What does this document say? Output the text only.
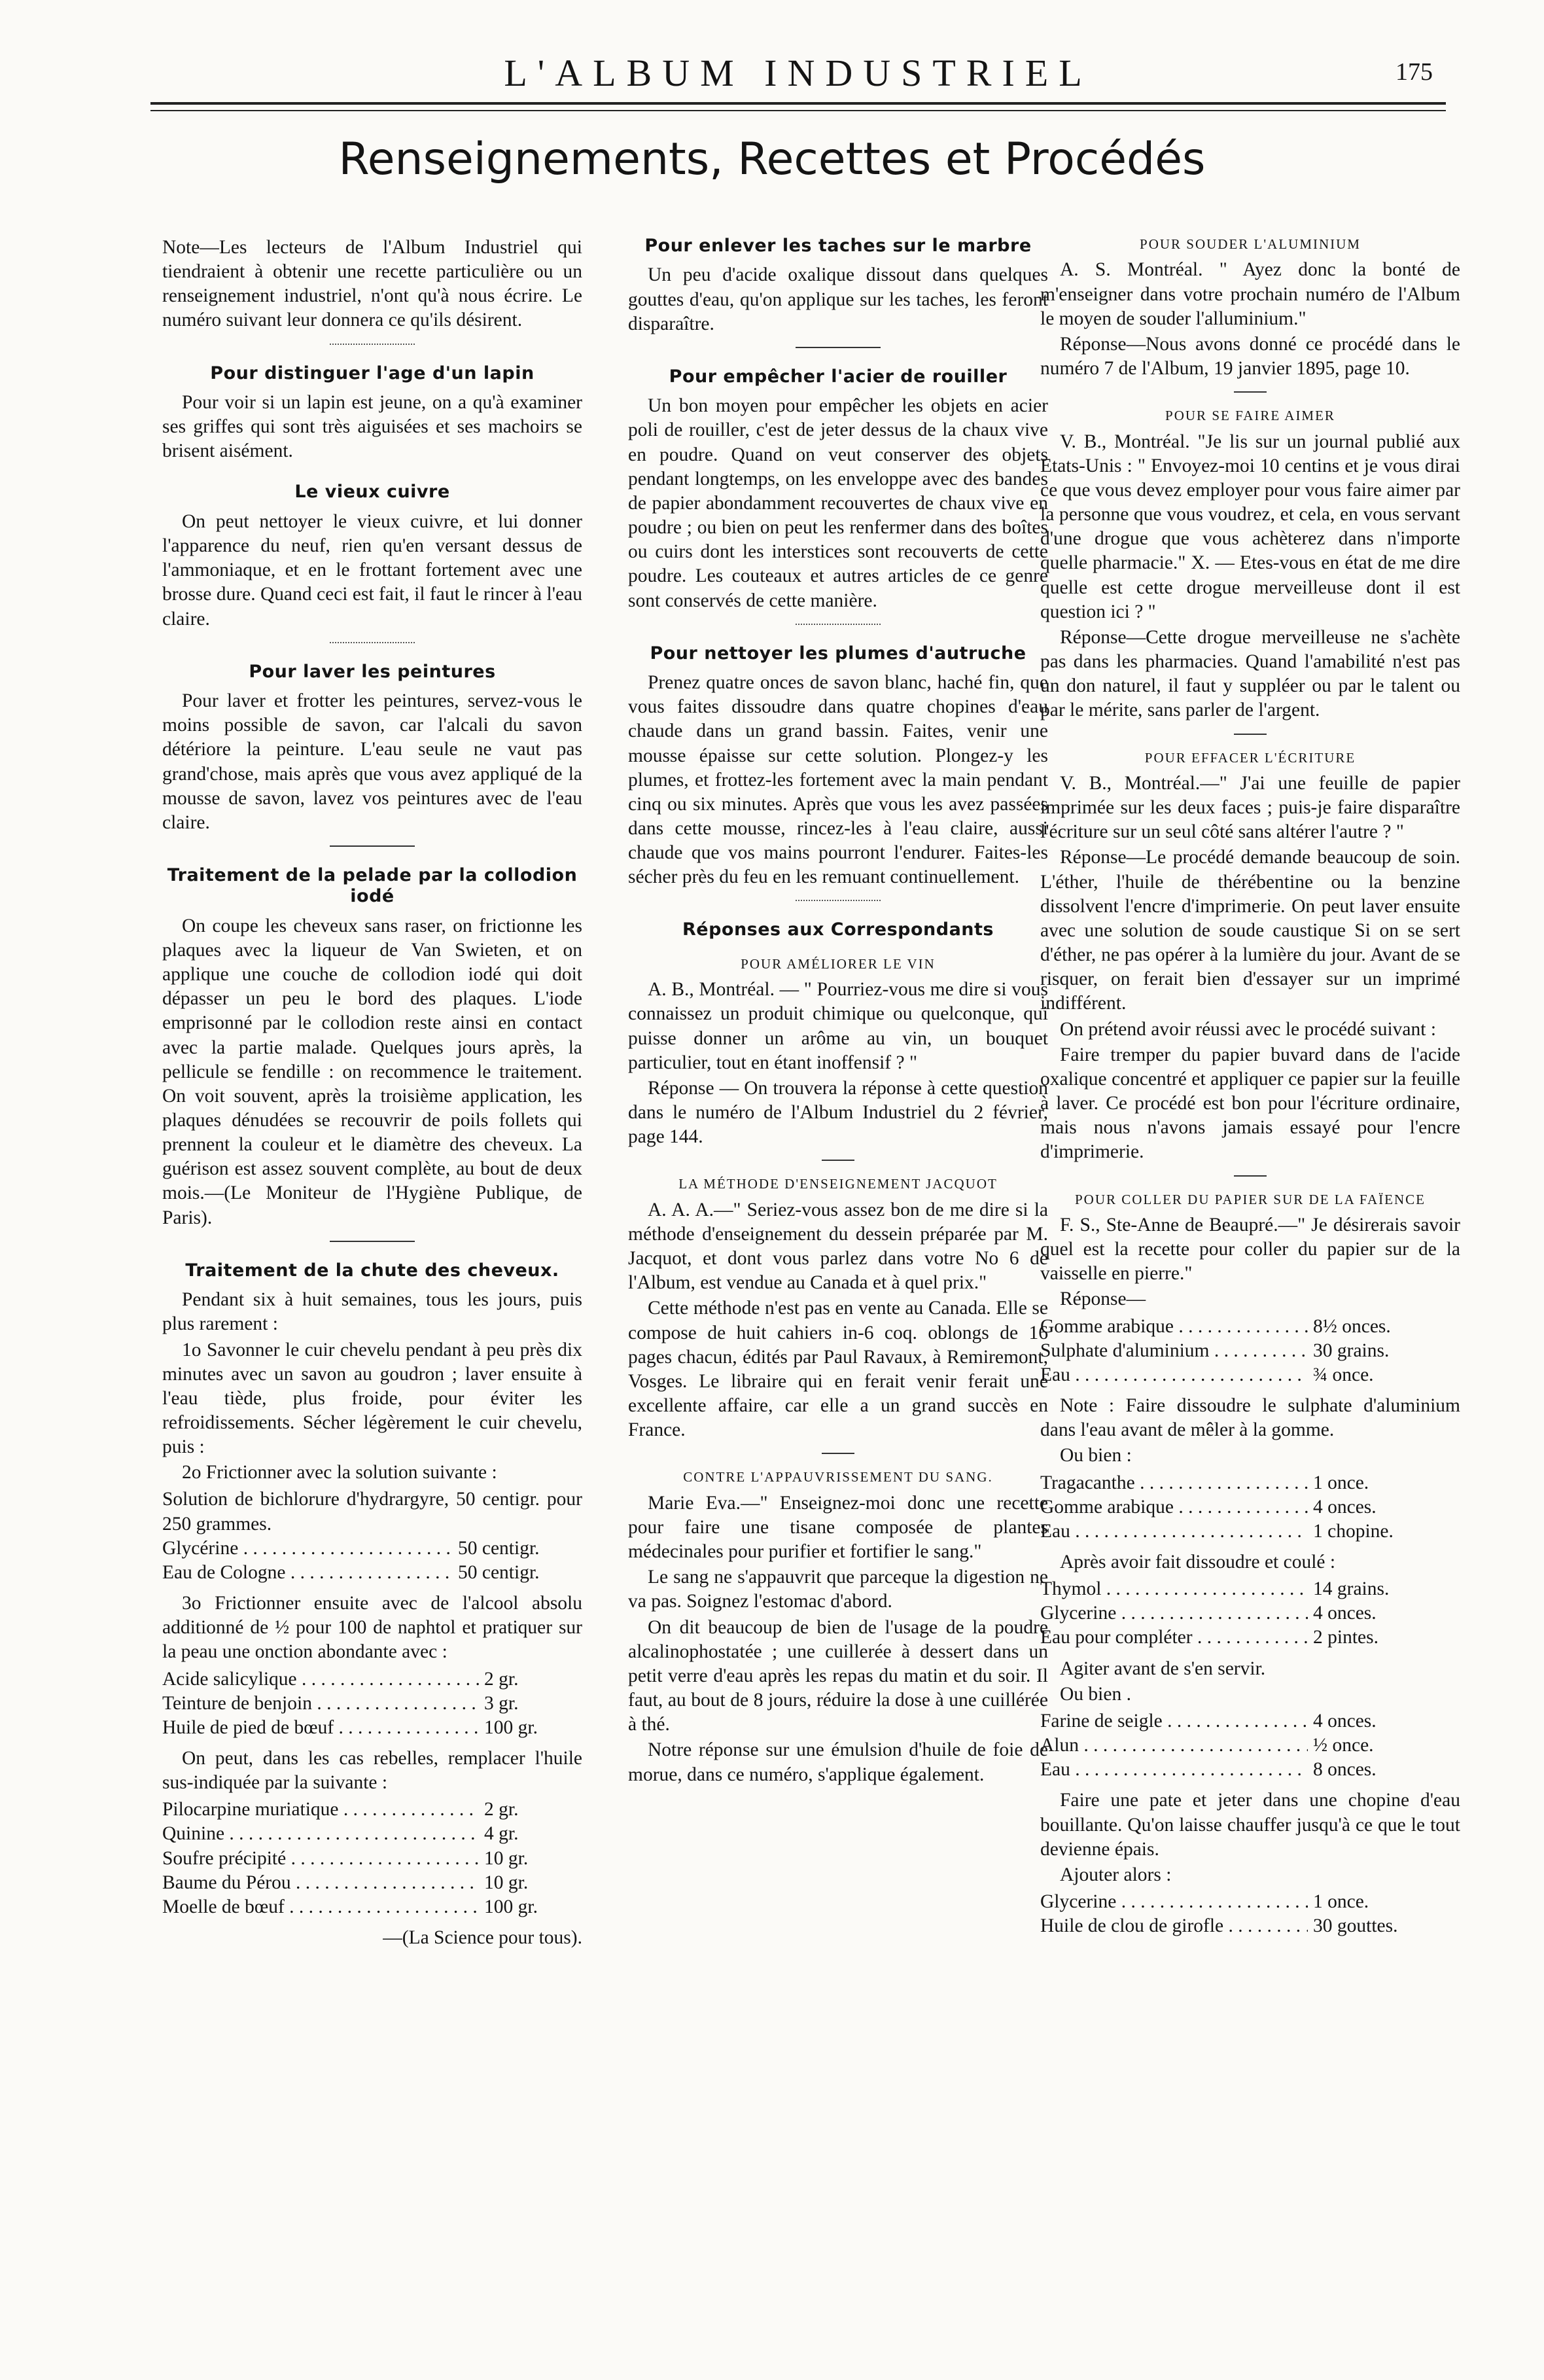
L'ALBUM INDUSTRIEL	175
Renseignements, Recettes et Procédés

Note—Les lecteurs de l'Album Industriel qui tiendraient à obtenir une recette particulière ou un renseignement industriel, n'ont qu'à nous écrire. Le numéro suivant leur donnera ce qu'ils désirent.

Pour distinguer l'age d'un lapin

Pour voir si un lapin est jeune, on a qu'à examiner ses griffes qui sont très aiguisées et ses machoirs se brisent aisément.

Le vieux cuivre

On peut nettoyer le vieux cuivre, et lui donner l'apparence du neuf, rien qu'en versant dessus de l'ammoniaque, et en le frottant fortement avec une brosse dure. Quand ceci est fait, il faut le rincer à l'eau claire.

Pour laver les peintures

Pour laver et frotter les peintures, servez-vous le moins possible de savon, car l'alcali du savon détériore la peinture. L'eau seule ne vaut pas grand'chose, mais après que vous avez appliqué de la mousse de savon, lavez vos peintures avec de l'eau claire.

Traitement de la pelade par la collodion iodé

On coupe les cheveux sans raser, on frictionne les plaques avec la liqueur de Van Swieten, et on applique une couche de collodion iodé qui doit dépasser un peu le bord des plaques. L'iode emprisonné par le collodion reste ainsi en contact avec la partie malade. Quelques jours après, la pellicule se fendille : on recommence le traitement. On voit souvent, après la troisième application, les plaques dénudées se recouvrir de poils follets qui prennent la couleur et le diamètre des cheveux. La guérison est assez souvent complète, au bout de deux mois.—(Le Moniteur de l'Hygiène Publique, de Paris).

Traitement de la chute des cheveux.

Pendant six à huit semaines, tous les jours, puis plus rarement :

1o Savonner le cuir chevelu pendant à peu près dix minutes avec un savon au goudron ; laver ensuite à l'eau tiède, plus froide, pour éviter les refroidissements. Sécher légèrement le cuir chevelu, puis :

2o Frictionner avec la solution suivante :

Solution de bichlorure d'hydrargyre, 50 centigr. pour 250 grammes.
Glycérine . . .	50 centigr.
Eau de Cologne . . .	50 centigr.

3o Frictionner ensuite avec de l'alcool absolu additionné de ½ pour 100 de naphtol et pratiquer sur la peau une onction abondante avec :

Acide salicylique . . .	2 gr.
Teinture de benjoin . . .	3 gr.
Huile de pied de bœuf . . .	100 gr.

On peut, dans les cas rebelles, remplacer l'huile sus-indiquée par la suivante :

Pilocarpine muriatique . . .	2 gr.
Quinine . . .	4 gr.
Soufre précipité . . .	10 gr.
Baume du Pérou . . .	10 gr.
Moelle de bœuf . . .	100 gr.

—(La Science pour tous).

Pour enlever les taches sur le marbre

Un peu d'acide oxalique dissout dans quelques gouttes d'eau, qu'on applique sur les taches, les feront disparaître.

Pour empêcher l'acier de rouiller

Un bon moyen pour empêcher les objets en acier poli de rouiller, c'est de jeter dessus de la chaux vive en poudre. Quand on veut conserver des objets pendant longtemps, on les enveloppe avec des bandes de papier abondamment recouvertes de chaux vive en poudre ; ou bien on peut les renfermer dans des boîtes ou cuirs dont les interstices sont recouverts de cette poudre. Les couteaux et autres articles de ce genre sont conservés de cette manière.

Pour nettoyer les plumes d'autruche

Prenez quatre onces de savon blanc, haché fin, que vous faites dissoudre dans quatre chopines d'eau chaude dans un grand bassin. Faites, venir une mousse épaisse sur cette solution. Plongez-y les plumes, et frottez-les fortement avec la main pendant cinq ou six minutes. Après que vous les avez passées dans cette mousse, rincez-les à l'eau claire, aussi chaude que vos mains pourront l'endurer. Faites-les sécher près du feu en les remuant continuellement.

Réponses aux Correspondants
POUR AMÉLIORER LE VIN

A. B., Montréal. — " Pourriez-vous me dire si vous connaissez un produit chimique ou quelconque, qui puisse donner un arôme au vin, un bouquet particulier, tout en étant inoffensif ? "

Réponse — On trouvera la réponse à cette question dans le numéro de l'Album Industriel du 2 février, page 144.

LA MÉTHODE D'ENSEIGNEMENT JACQUOT

A. A. A.—" Seriez-vous assez bon de me dire si la méthode d'enseignement du dessein préparée par M. Jacquot, et dont vous parlez dans votre No 6 de l'Album, est vendue au Canada et à quel prix."

Cette méthode n'est pas en vente au Canada. Elle se compose de huit cahiers in-6 coq. oblongs de 16 pages chacun, édités par Paul Ravaux, à Remiremont, Vosges. Le libraire qui en ferait venir ferait une excellente affaire, car elle a un grand succès en France.

CONTRE L'APPAUVRISSEMENT DU SANG.

Marie Eva.—" Enseignez-moi donc une recette pour faire une tisane composée de plantes médecinales pour purifier et fortifier le sang."

Le sang ne s'appauvrit que parceque la digestion ne va pas. Soignez l'estomac d'abord.

On dit beaucoup de bien de l'usage de la poudre alcalinophostatée ; une cuillerée à dessert dans un petit verre d'eau après les repas du matin et du soir. Il faut, au bout de 8 jours, réduire la dose à une cuillérée à thé.

Notre réponse sur une émulsion d'huile de foie de morue, dans ce numéro, s'applique également.

POUR SOUDER L'ALUMINIUM

A. S. Montréal. " Ayez donc la bonté de m'enseigner dans votre prochain numéro de l'Album le moyen de souder l'alluminium."

Réponse—Nous avons donné ce procédé dans le numéro 7 de l'Album, 19 janvier 1895, page 10.

POUR SE FAIRE AIMER

V. B., Montréal. "Je lis sur un journal publié aux Etats-Unis : " Envoyez-moi 10 centins et je vous dirai ce que vous devez employer pour vous faire aimer par la personne que vous voudrez, et cela, en vous servant d'une drogue que vous achèterez dans n'importe quelle pharmacie." X. — Etes-vous en état de me dire quelle est cette drogue merveilleuse dont il est question ici ? "

Réponse—Cette drogue merveilleuse ne s'achète pas dans les pharmacies. Quand l'amabilité n'est pas un don naturel, il faut y suppléer ou par le talent ou par le mérite, sans parler de l'argent.

POUR EFFACER L'ÉCRITURE

V. B., Montréal.—" J'ai une feuille de papier imprimée sur les deux faces ; puis-je faire disparaître l'écriture sur un seul côté sans altérer l'autre ? "

Réponse—Le procédé demande beaucoup de soin. L'éther, l'huile de thérébentine ou la benzine dissolvent l'encre d'imprimerie. On peut laver ensuite avec une solution de soude caustique Si on se sert d'éther, ne pas opérer à la lumière du jour. Avant de se risquer, on ferait bien d'essayer sur un imprimé indifférent.

On prétend avoir réussi avec le procédé suivant :

Faire tremper du papier buvard dans de l'acide oxalique concentré et appliquer ce papier sur la feuille à laver. Ce procédé est bon pour l'écriture ordinaire, mais nous n'avons jamais essayé pour l'encre d'imprimerie.

POUR COLLER DU PAPIER SUR DE LA FAÏENCE

F. S., Ste-Anne de Beaupré.—" Je désirerais savoir quel est la recette pour coller du papier sur de la vaisselle en pierre."

Réponse—

Gomme arabique . . .	8½ onces.
Sulphate d'aluminium . . .	30 grains.
Eau . . .	¾ once.

Note : Faire dissoudre le sulphate d'aluminium dans l'eau avant de mêler à la gomme.

Ou bien :

Tragacanthe . . .	1 once.
Gomme arabique . . .	4 onces.
Eau . . .	1 chopine.

Après avoir fait dissoudre et coulé :

Thymol . . .	14 grains.
Glycerine . . .	4 onces.
Eau pour compléter . . .	2 pintes.

Agiter avant de s'en servir.

Ou bien .

Farine de seigle . . .	4 onces.
Alun . . .	½ once.
Eau . . .	8 onces.

Faire une pate et jeter dans une chopine d'eau bouillante. Qu'on laisse chauffer jusqu'à ce que le tout devienne épais.

Ajouter alors :

Glycerine . . .	1 once.
Huile de clou de girofle . . .	30 gouttes.
